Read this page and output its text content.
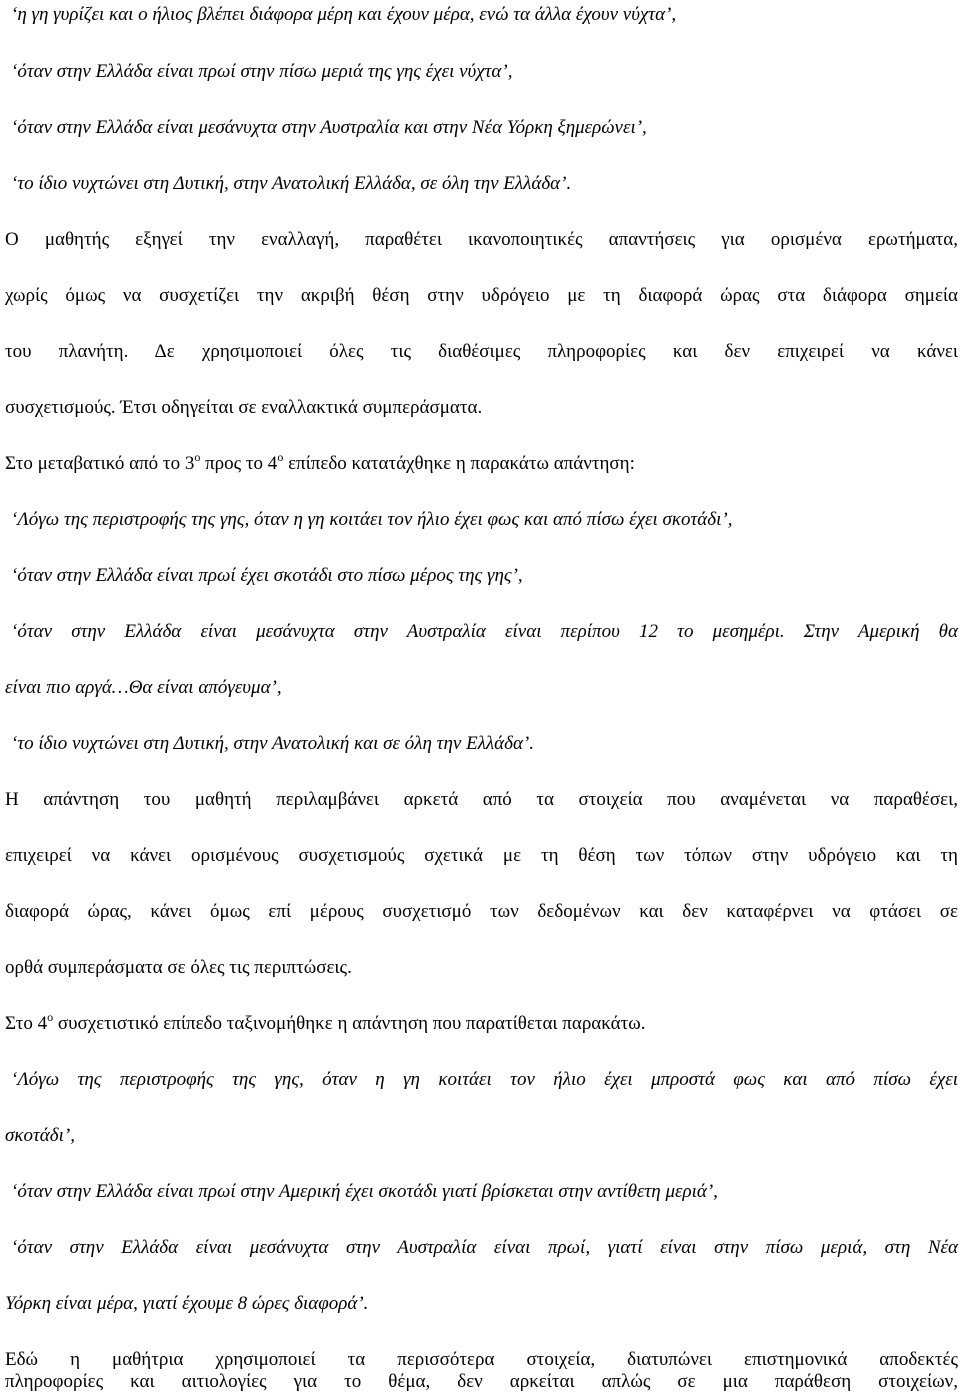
‘η γη γυρίζει και ο ήλιος βλέπει διάφορα μέρη και έχουν μέρα, ενώ τα άλλα έχουν νύχτα’,
‘όταν στην Ελλάδα είναι πρωί στην πίσω μεριά της γης έχει νύχτα’,
‘όταν στην Ελλάδα είναι μεσάνυχτα στην Αυστραλία και στην Νέα Υόρκη ξημερώνει’,
‘το ίδιο νυχτώνει στη Δυτική, στην Ανατολική Ελλάδα, σε όλη την Ελλάδα’.
Ο μαθητής εξηγεί την εναλλαγή, παραθέτει ικανοποιητικές απαντήσεις για ορισμένα ερωτήματα,
χωρίς όμως να συσχετίζει την ακριβή θέση στην υδρόγειο με τη διαφορά ώρας στα διάφορα σημεία
του πλανήτη. Δε χρησιμοποιεί όλες τις διαθέσιμες πληροφορίες και δεν επιχειρεί να κάνει
συσχετισμούς. Έτσι οδηγείται σε εναλλακτικά συμπεράσματα.
Στο μεταβατικό από το $3^o$ προς το $4^o$ επίπεδο κατατάχθηκε η παρακάτω απάντηση:
‘Λόγω της περιστροφής της γης, όταν η γη κοιτάει τον ήλιο έχει φως και από πίσω έχει σκοτάδι’,
‘όταν στην Ελλάδα είναι πρωί έχει σκοτάδι στο πίσω μέρος της γης’,
‘όταν στην Ελλάδα είναι μεσάνυχτα στην Αυστραλία είναι περίπου 12 το μεσημέρι. Στην Αμερική θα
είναι πιο αργά…Θα είναι απόγευμα’,
‘το ίδιο νυχτώνει στη Δυτική, στην Ανατολική και σε όλη την Ελλάδα’.
Η απάντηση του μαθητή περιλαμβάνει αρκετά από τα στοιχεία που αναμένεται να παραθέσει,
επιχειρεί να κάνει ορισμένους συσχετισμούς σχετικά με τη θέση των τόπων στην υδρόγειο και τη
διαφορά ώρας, κάνει όμως επί μέρους συσχετισμό των δεδομένων και δεν καταφέρνει να φτάσει σε
ορθά συμπεράσματα σε όλες τις περιπτώσεις.
Στο $4^o$ συσχετιστικό επίπεδο ταξινομήθηκε η απάντηση που παρατίθεται παρακάτω.
‘Λόγω της περιστροφής της γης, όταν η γη κοιτάει τον ήλιο έχει μπροστά φως και από πίσω έχει
σκοτάδι’,
‘όταν στην Ελλάδα είναι πρωί στην Αμερική έχει σκοτάδι γιατί βρίσκεται στην αντίθετη μεριά’,
‘όταν στην Ελλάδα είναι μεσάνυχτα στην Αυστραλία είναι πρωί, γιατί είναι στην πίσω μεριά, στη Νέα
Υόρκη είναι μέρα, γιατί έχουμε 8 ώρες διαφορά’.
Εδώ η μαθήτρια χρησιμοποιεί τα περισσότερα στοιχεία, διατυπώνει επιστημονικά αποδεκτές
πληροφορίες και αιτιολογίες για το θέμα, δεν αρκείται απλώς σε μια παράθεση στοιχείων,
